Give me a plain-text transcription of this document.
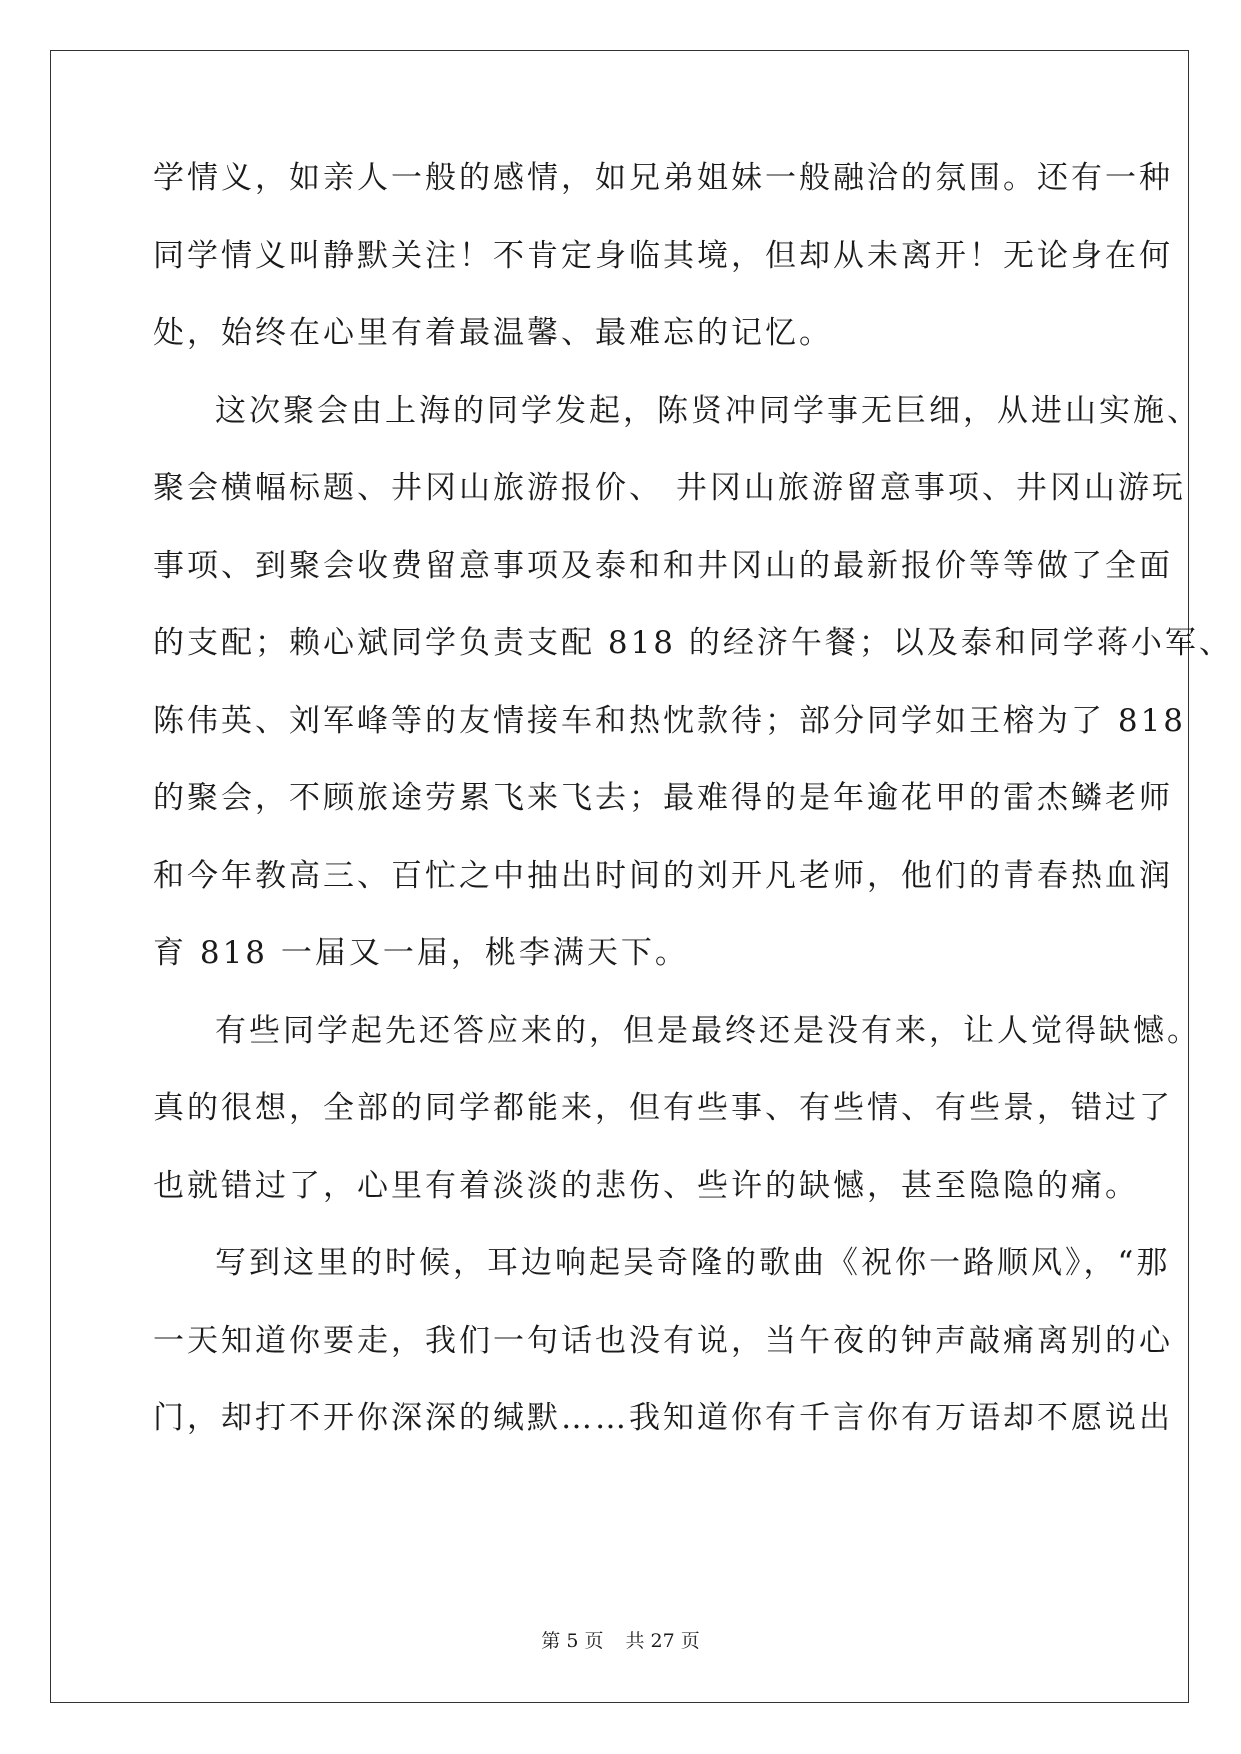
学情义，如亲人一般的感情，如兄弟姐妹一般融洽的氛围。还有一种
同学情义叫静默关注！不肯定身临其境，但却从未离开！无论身在何
处，始终在心里有着最温馨、最难忘的记忆。
这次聚会由上海的同学发起，陈贤冲同学事无巨细，从进山实施、
聚会横幅标题、井冈山旅游报价、 井冈山旅游留意事项、井冈山游玩
事项、到聚会收费留意事项及泰和和井冈山的最新报价等等做了全面
的支配；赖心斌同学负责支配 818 的经济午餐；以及泰和同学蒋小军、
陈伟英、刘军峰等的友情接车和热忱款待；部分同学如王榕为了 818
的聚会，不顾旅途劳累飞来飞去；最难得的是年逾花甲的雷杰鳞老师
和今年教高三、百忙之中抽出时间的刘开凡老师，他们的青春热血润
育 818 一届又一届，桃李满天下。
有些同学起先还答应来的，但是最终还是没有来，让人觉得缺憾。
真的很想，全部的同学都能来，但有些事、有些情、有些景，错过了
也就错过了，心里有着淡淡的悲伤、些许的缺憾，甚至隐隐的痛。
写到这里的时候，耳边响起吴奇隆的歌曲《祝你一路顺风》，“那
一天知道你要走，我们一句话也没有说，当午夜的钟声敲痛离别的心
门，却打不开你深深的缄默……我知道你有千言你有万语却不愿说出
第 5 页 共 27 页
